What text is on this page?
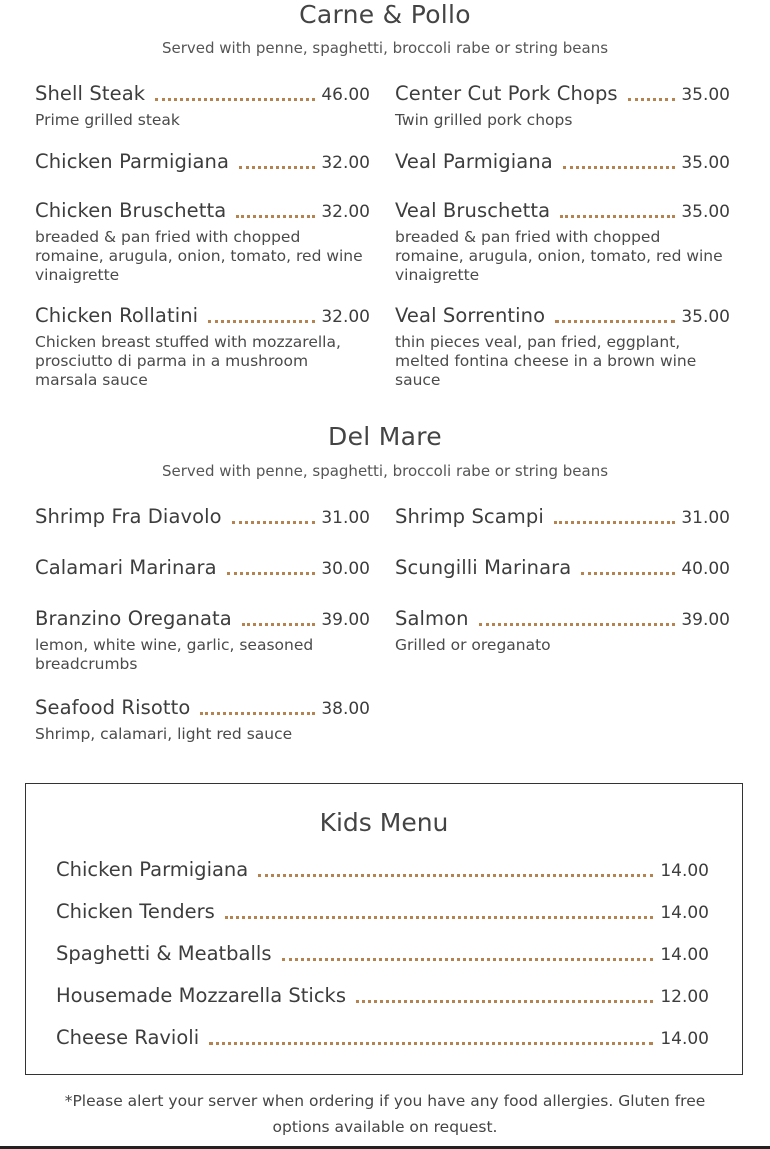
Carne & Pollo
Served with penne, spaghetti, broccoli rabe or string beans
Shell Steak	46.00
Prime grilled steak
Center Cut Pork Chops	35.00
Twin grilled pork chops
Chicken Parmigiana	32.00 Veal Parmigiana	35.00
Chicken Bruschetta	32.00
breaded & pan fried with chopped romaine, arugula, onion, tomato, red wine vinaigrette
Veal Bruschetta	35.00
breaded & pan fried with chopped romaine, arugula, onion, tomato, red wine vinaigrette
Chicken Rollatini	32.00
Chicken breast stuffed with mozzarella, prosciutto di parma in a mushroom marsala sauce
Veal Sorrentino	35.00
thin pieces veal, pan fried, eggplant, melted fontina cheese in a brown wine sauce
Del Mare
Served with penne, spaghetti, broccoli rabe or string beans
Shrimp Fra Diavolo	31.00 Shrimp Scampi	31.00
Calamari Marinara	30.00 Scungilli Marinara	40.00
Branzino Oreganata	39.00
lemon, white wine, garlic, seasoned breadcrumbs
Salmon	39.00
Grilled or oreganato
Seafood Risotto	38.00
Shrimp, calamari, light red sauce
Kids Menu
Chicken Parmigiana	14.00
Chicken Tenders	14.00
Spaghetti & Meatballs	14.00
Housemade Mozzarella Sticks	12.00
Cheese Ravioli	14.00
*Please alert your server when ordering if you have any food allergies. Gluten free options available on request.
